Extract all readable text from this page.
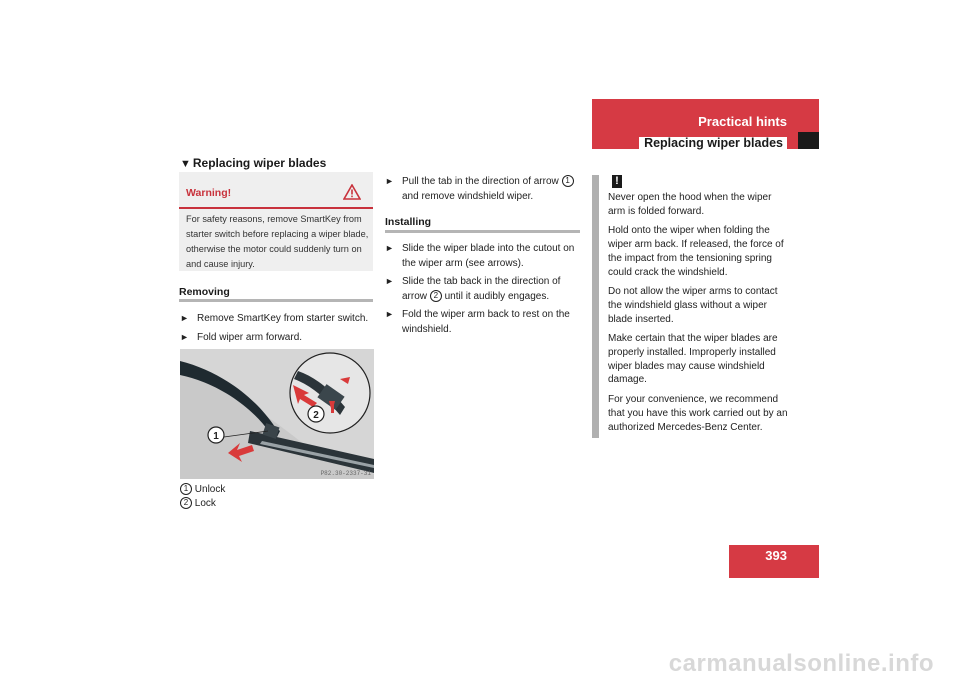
Practical hints
Replacing wiper blades
▼ Replacing wiper blades
Warning!
For safety reasons, remove SmartKey from starter switch before replacing a wiper blade, otherwise the motor could suddenly turn on and cause injury.
Removing
► Remove SmartKey from starter switch.
► Fold wiper arm forward.
1
2
P82.30-2337-31
1 Unlock
2 Lock
► Pull the tab in the direction of arrow 1 and remove windshield wiper.
Installing
► Slide the wiper blade into the cutout on the wiper arm (see arrows).
► Slide the tab back in the direction of arrow 2 until it audibly engages.
► Fold the wiper arm back to rest on the windshield.
!

Never open the hood when the wiper arm is folded forward.

Hold onto the wiper when folding the wiper arm back. If released, the force of the impact from the tensioning spring could crack the windshield.

Do not allow the wiper arms to contact the windshield glass without a wiper blade inserted.

Make certain that the wiper blades are properly installed. Improperly installed wiper blades may cause windshield damage.

For your convenience, we recommend that you have this work carried out by an authorized Mercedes-Benz Center.

393
carmanualsonline.info
